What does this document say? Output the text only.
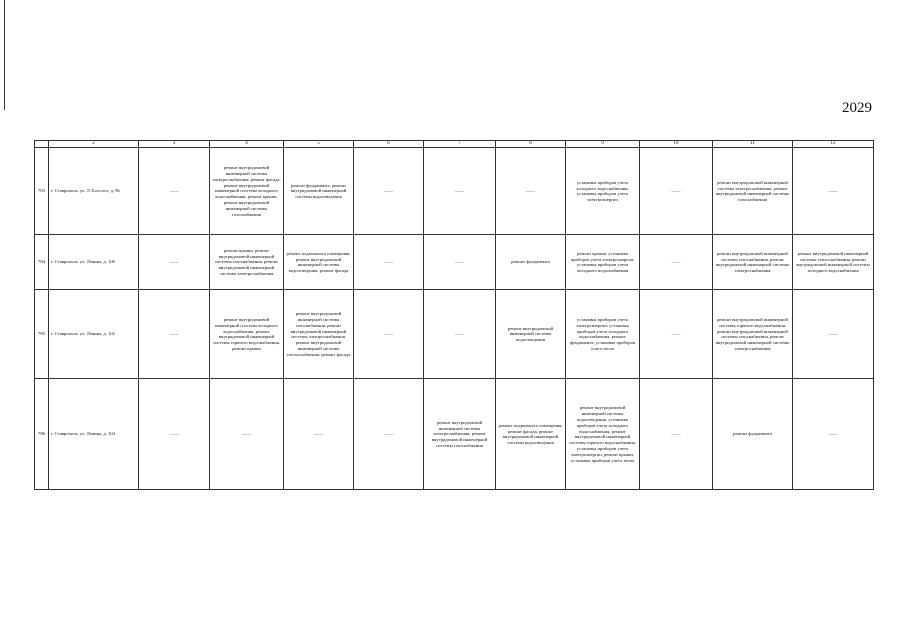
2029
	2	3	4	5	6	7	8	9	10	11	12
783	г. Ставрополь, ул. Л.Толстого, д. 96	——	ремонт внутридомовой инженерной системы электроснабжения, ремонт фасада, ремонт внутридомовой инженерной системы холодного водоснабжения, ремонт крыши, ремонт внутридомовой инженерной системы газоснабжения	ремонт фундамента, ремонт внутридомовой инженерной системы водоотведения	——	——	——	установка приборов учета холодного водоснабжения, установка приборов учета электроэнергии	——	ремонт внутридомовой инженерной системы электроснабжения, ремонт внутридомовой инженерной системы газоснабжения	——
784	г. Ставрополь, ул. Ленина, д. 100	——	ремонт крыши, ремонт внутридомовой инженерной системы газоснабжения, ремонт внутридомовой инженерной системы электроснабжения	ремонт подвального помещения, ремонт внутридомовой инженерной системы водоотведения, ремонт фасада	——	——	ремонт фундамента	ремонт крыши, установка приборов учета электроэнергии, установка приборов учета холодного водоснабжения	——	ремонт внутридомовой инженерной системы газоснабжения, ремонт внутридомовой инженерной системы электроснабжения	ремонт внутридомовой инженерной системы теплоснабжения, ремонт внутридомовой инженерной системы холодного водоснабжения
785	г. Ставрополь, ул. Ленина, д. 102	——	ремонт внутридомовой инженерной системы холодного водоснабжения, ремонт внутридомовой инженерной системы горячего водоснабжения, ремонт крыши	ремонт внутридомовой инженерной системы газоснабжения, ремонт внутридомовой инженерной системы электроснабжения, ремонт внутридомовой инженерной системы теплоснабжения, ремонт фасада	——	——	ремонт внутридомовой инженерной системы водоотведения	установка приборов учета электроэнергии, установка приборов учета холодного водоснабжения, ремонт фундамента, установка приборов учета тепла	——	ремонт внутридомовой инженерной системы горячего водоснабжения, ремонт внутридомовой инженерной системы газоснабжения, ремонт внутридомовой инженерной системы электроснабжения	——
786	г. Ставрополь, ул. Ленина, д. 104	——	——	——	——	ремонт внутридомовой инженерной системы электроснабжения, ремонт внутридомовой инженерной системы газоснабжения	ремонт подвального помещения, ремонт фасада, ремонт внутридомовой инженерной системы водоотведения	ремонт внутридомовой инженерной системы водоотведения, установка приборов учета холодного водоснабжения, ремонт внутридомовой инженерной системы горячего водоснабжения, установка приборов учета электроэнергии, ремонт крыши, установка приборов учета тепла	——	ремонт фундамента	——
